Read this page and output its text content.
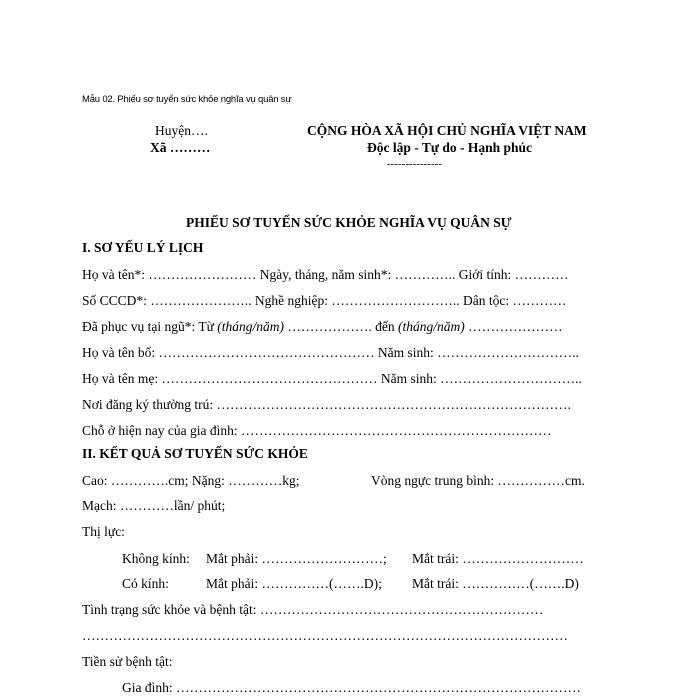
Mẫu 02. Phiếu sơ tuyển sức khỏe nghĩa vụ quân sự
Huyện….
Xã ………
CỘNG HÒA XÃ HỘI CHỦ NGHĨA VIỆT NAM
Độc lập - Tự do - Hạnh phúc
---------------
PHIẾU SƠ TUYỂN SỨC KHỎE NGHĨA VỤ QUÂN SỰ
I. SƠ YẾU LÝ LỊCH
Họ và tên*: …………………… Ngày, tháng, năm sinh*: ………….. Giới tính: …………
Số CCCD*: ………………….. Nghề nghiệp: ……………………….. Dân tộc: …………
Đã phục vụ tại ngũ*: Từ (tháng/năm) ………………. đến (tháng/năm) …………………
Họ và tên bố: ………………………………………… Năm sinh: …………………………..
Họ và tên mẹ: ………………………………………… Năm sinh: …………………………..
Nơi đăng ký thường trú: …………………………………………………………………….
Chỗ ở hiện nay của gia đình: ……………………………………………………………
II. KẾT QUẢ SƠ TUYỂN SỨC KHỎE
Cao: ………….cm; Nặng: …………kg;	Vòng ngực trung bình: ……………cm.
Mạch: …………lần/ phút;
Thị lực:
Không kính: Mắt phải: ………………………; Mắt trái: ………………………
Có kính:	Mắt phải: ……………(…….D); Mắt trái: ……………(…….D)
Tình trạng sức khỏe và bệnh tật: ………………………………………………………
………………………………………………………………………………………………
Tiền sử bệnh tật:
Gia đình: ………………………………………………………………………………
